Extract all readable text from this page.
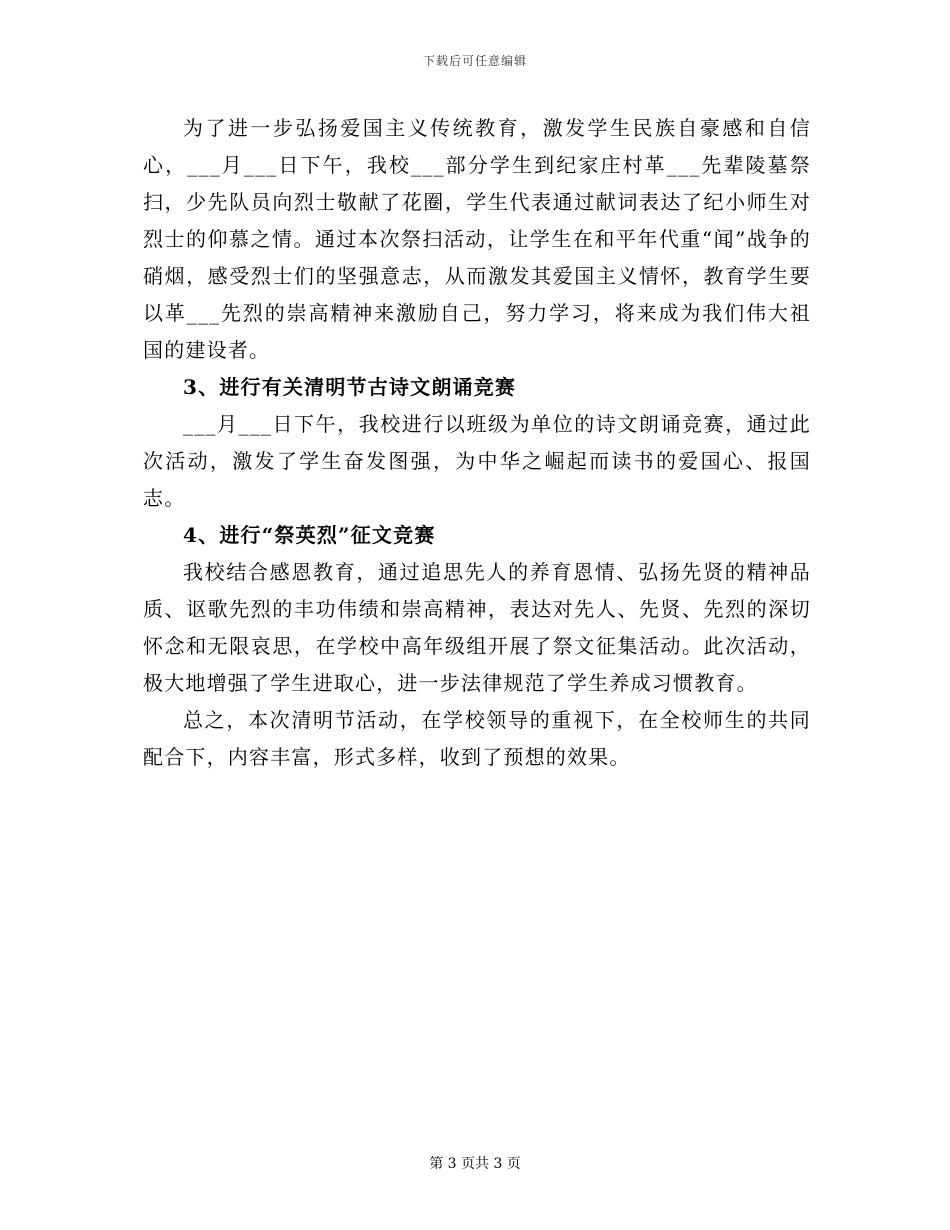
下载后可任意编辑

为了进一步弘扬爱国主义传统教育，激发学生民族自豪感和自信心，___月___日下午，我校___部分学生到纪家庄村革___先辈陵墓祭扫，少先队员向烈士敬献了花圈，学生代表通过献词表达了纪小师生对烈士的仰慕之情。通过本次祭扫活动，让学生在和平年代重“闻”战争的硝烟，感受烈士们的坚强意志，从而激发其爱国主义情怀，教育学生要以革___先烈的崇高精神来激励自己，努力学习，将来成为我们伟大祖国的建设者。

3、进行有关清明节古诗文朗诵竞赛

___月___日下午，我校进行以班级为单位的诗文朗诵竞赛，通过此次活动，激发了学生奋发图强，为中华之崛起而读书的爱国心、报国志。

4、进行“祭英烈”征文竞赛

我校结合感恩教育，通过追思先人的养育恩情、弘扬先贤的精神品质、讴歌先烈的丰功伟绩和崇高精神，表达对先人、先贤、先烈的深切怀念和无限哀思，在学校中高年级组开展了祭文征集活动。此次活动，极大地增强了学生进取心，进一步法律规范了学生养成习惯教育。

总之，本次清明节活动，在学校领导的重视下，在全校师生的共同配合下，内容丰富，形式多样，收到了预想的效果。

第 3 页共 3 页
